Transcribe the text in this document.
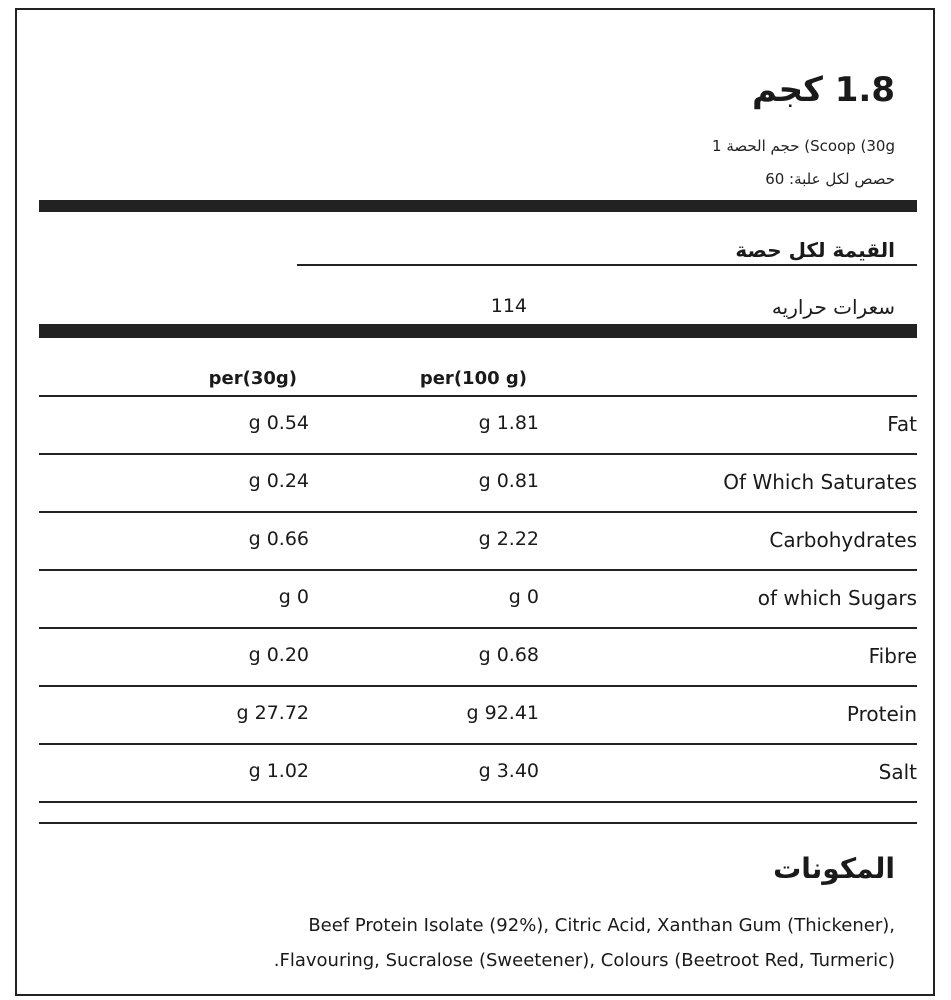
1.8 كجم
حجم الحصة 1 (Scoop (30g
حصص لكل علبة: 60
القيمة لكل حصة
سعرات حراريه
114
per(100 g)
per(30g)
Fat
g 1.81
g 0.54
Of Which Saturates
g 0.81
g 0.24
Carbohydrates
g 2.22
g 0.66
of which Sugars
g 0
g 0
Fibre
g 0.68
g 0.20
Protein
g 92.41
g 27.72
Salt
g 3.40
g 1.02
المكونات
Beef Protein Isolate (92%), Citric Acid, Xanthan Gum (Thickener),
.Flavouring, Sucralose (Sweetener), Colours (Beetroot Red, Turmeric)
